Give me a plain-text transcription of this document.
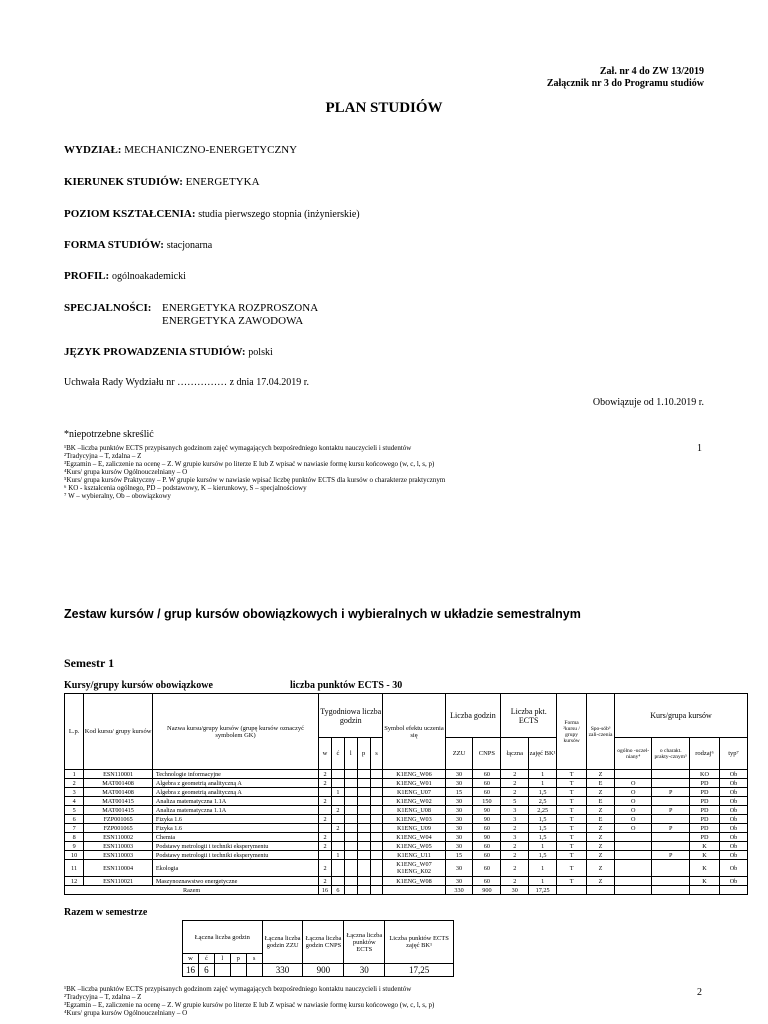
Zał. nr 4 do ZW 13/2019
Załącznik nr 3 do Programu studiów
PLAN STUDIÓW
WYDZIAŁ: MECHANICZNO-ENERGETYCZNY
KIERUNEK STUDIÓW: ENERGETYKA
POZIOM KSZTAŁCENIA: studia pierwszego stopnia (inżynierskie)
FORMA STUDIÓW: stacjonarna
PROFIL: ogólnoakademicki
SPECJALNOŚCI: ENERGETYKA ROZPROSZONA
ENERGETYKA ZAWODOWA
JĘZYK PROWADZENIA STUDIÓW: polski
Uchwała Rady Wydziału nr …………… z dnia 17.04.2019 r.
Obowiązuje od 1.10.2019 r.
*niepotrzebne skreślić
¹BK –liczba punktów ECTS przypisanych godzinom zajęć wymagających bezpośredniego kontaktu nauczycieli i studentów
²Tradycyjna – T, zdalna – Z
³Egzamin – E, zaliczenie na ocenę – Z. W grupie kursów po literze E lub Z wpisać w nawiasie formę kursu końcowego (w, c, l, s, p)
⁴Kurs/ grupa kursów Ogólnouczelniany – O
⁵Kurs/ grupa kursów Praktyczny – P. W grupie kursów w nawiasie wpisać liczbę punktów ECTS dla kursów o charakterze praktycznym
⁶ KO - kształcenia ogólnego, PD – podstawowy, K – kierunkowy, S – specjalnościowy
⁷ W – wybieralny, Ob – obowiązkowy
1
Zestaw kursów / grup kursów obowiązkowych i wybieralnych w układzie semestralnym
Semestr 1
Kursy/grupy kursów obowiązkowe	liczba punktów ECTS - 30
L.p.	Kod kursu/ grupy kursów	Nazwa kursu/grupy kursów (grupę kursów oznaczyć symbolem GK)	Tygodniowa liczba godzin					Symbol efektu uczenia się	Liczba godzin		Liczba pkt. ECTS		Forma ²kursu / grupy kursów	Spo-sób³ zali-czenia	Kurs/grupa kursów			
			w	ć	l	p	s		ZZU	CNPS	łączna	zajęć BK¹			ogólno -uczel-niany⁴	o charakt. prakty-cznym⁵	rodzaj⁶	typ⁷
1	ESN110001	Technologie informacyjne	2					K1ENG_W06	30	60	2	1	T	Z			KO	Ob
2	MAT001408	Algebra z geometrią analityczną A	2					K1ENG_W01	30	60	2	1	T	E	O		PD	Ob
3	MAT001408	Algebra z geometrią analityczną A		1				K1ENG_U07	15	60	2	1,5	T	Z	O	P	PD	Ob
4	MAT001415	Analiza matematyczna 1.1A	2					K1ENG_W02	30	150	5	2,5	T	E	O		PD	Ob
5	MAT001415	Analiza matematyczna 1.1A		2				K1ENG_U08	30	90	3	2,25	T	Z	O	P	PD	Ob
6	FZP001065	Fizyka 1.6	2					K1ENG_W03	30	90	3	1,5	T	E	O		PD	Ob
7	FZP001065	Fizyka 1.6		2				K1ENG_U09	30	60	2	1,5	T	Z	O	P	PD	Ob
8	ESN110002	Chemia	2					K1ENG_W04	30	90	3	1,5	T	Z			PD	Ob
9	ESN110003	Podstawy metrologii i techniki eksperymentu	2					K1ENG_W05	30	60	2	1	T	Z			K	Ob
10	ESN110003	Podstawy metrologii i techniki eksperymentu		1				K1ENG_U11	15	60	2	1,5	T	Z		P	K	Ob
11	ESN110004	Ekologia	2					K1ENG_W07
K1ENG_K02	30	60	2	1	T	Z			K	Ob
12	ESN110021	Maszynoznawstwo energetyczne	2					K1ENG_W08	30	60	2	1	T	Z			K	Ob
Razem			16	6					330	900	30	17,25						
Razem w semestrze
Łączna liczba godzin					Łączna liczba godzin ZZU	Łączna liczba godzin CNPS	Łączna liczba punktów ECTS	Liczba punktów ECTS zajęć BK¹
w	ć	l	p	s				
16	6				330	900	30	17,25
2
¹BK –liczba punktów ECTS przypisanych godzinom zajęć wymagających bezpośredniego kontaktu nauczycieli i studentów
²Tradycyjna – T, zdalna – Z
³Egzamin – E, zaliczenie na ocenę – Z. W grupie kursów po literze E lub Z wpisać w nawiasie formę kursu końcowego (w, c, l, s, p)
⁴Kurs/ grupa kursów Ogólnouczelniany – O
